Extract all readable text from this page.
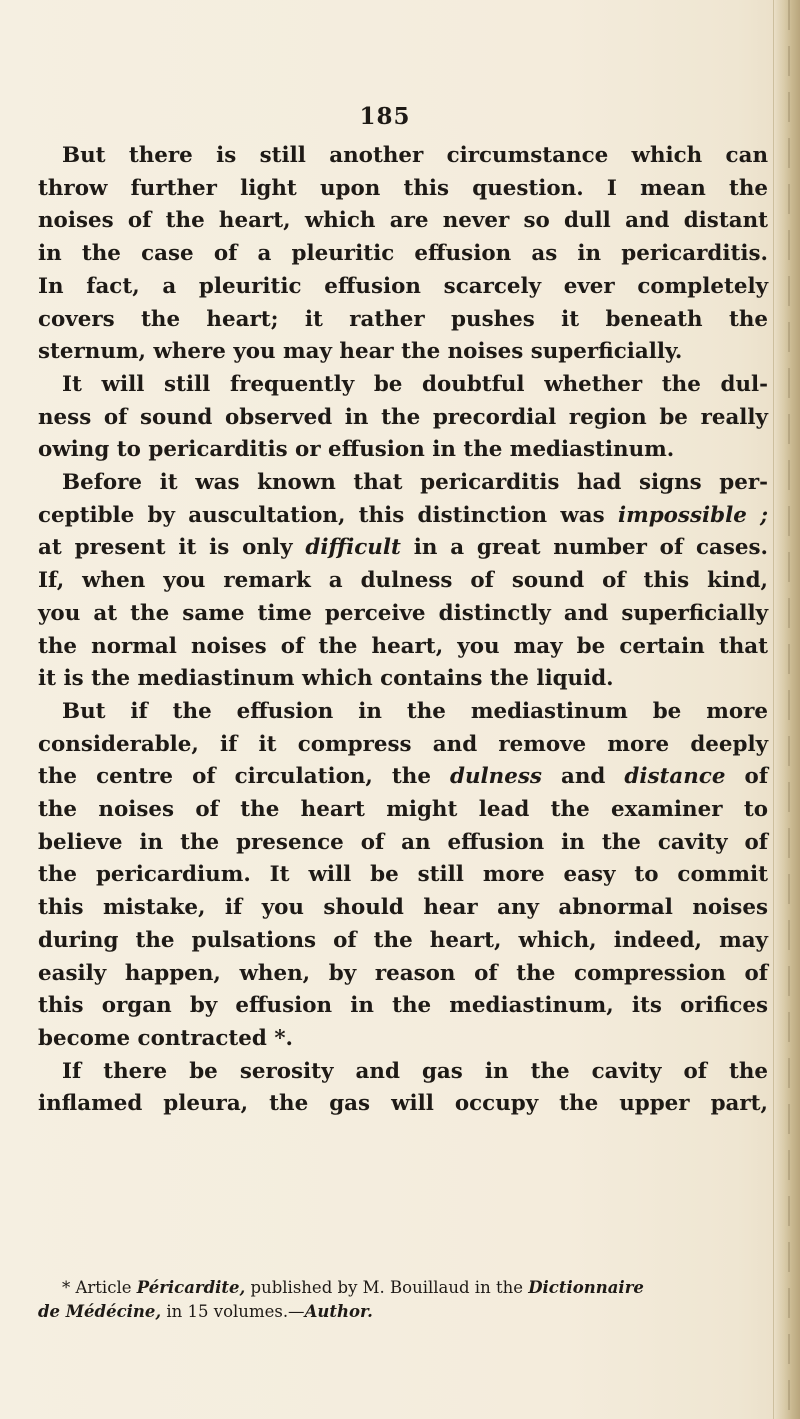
185
But there is still another circumstance which can
throw further light upon this question. I mean the
noises of the heart, which are never so dull and distant
in the case of a pleuritic effusion as in pericarditis.
In fact, a pleuritic effusion scarcely ever completely
covers the heart; it rather pushes it beneath the
sternum, where you may hear the noises superficially.
It will still frequently be doubtful whether the dul-
ness of sound observed in the precordial region be really
owing to pericarditis or effusion in the mediastinum.
Before it was known that pericarditis had signs per-
ceptible by auscultation, this distinction was impossible ;
at present it is only difficult in a great number of cases.
If, when you remark a dulness of sound of this kind,
you at the same time perceive distinctly and superficially
the normal noises of the heart, you may be certain that
it is the mediastinum which contains the liquid.
But if the effusion in the mediastinum be more
considerable, if it compress and remove more deeply
the centre of circulation, the dulness and distance of
the noises of the heart might lead the examiner to
believe in the presence of an effusion in the cavity of
the pericardium. It will be still more easy to commit
this mistake, if you should hear any abnormal noises
during the pulsations of the heart, which, indeed, may
easily happen, when, by reason of the compression of
this organ by effusion in the mediastinum, its orifices
become contracted *.
If there be serosity and gas in the cavity of the
inflamed pleura, the gas will occupy the upper part,
* Article Péricardite, published by M. Bouillaud in the Dictionnaire
de Médécine, in 15 volumes.—Author.
